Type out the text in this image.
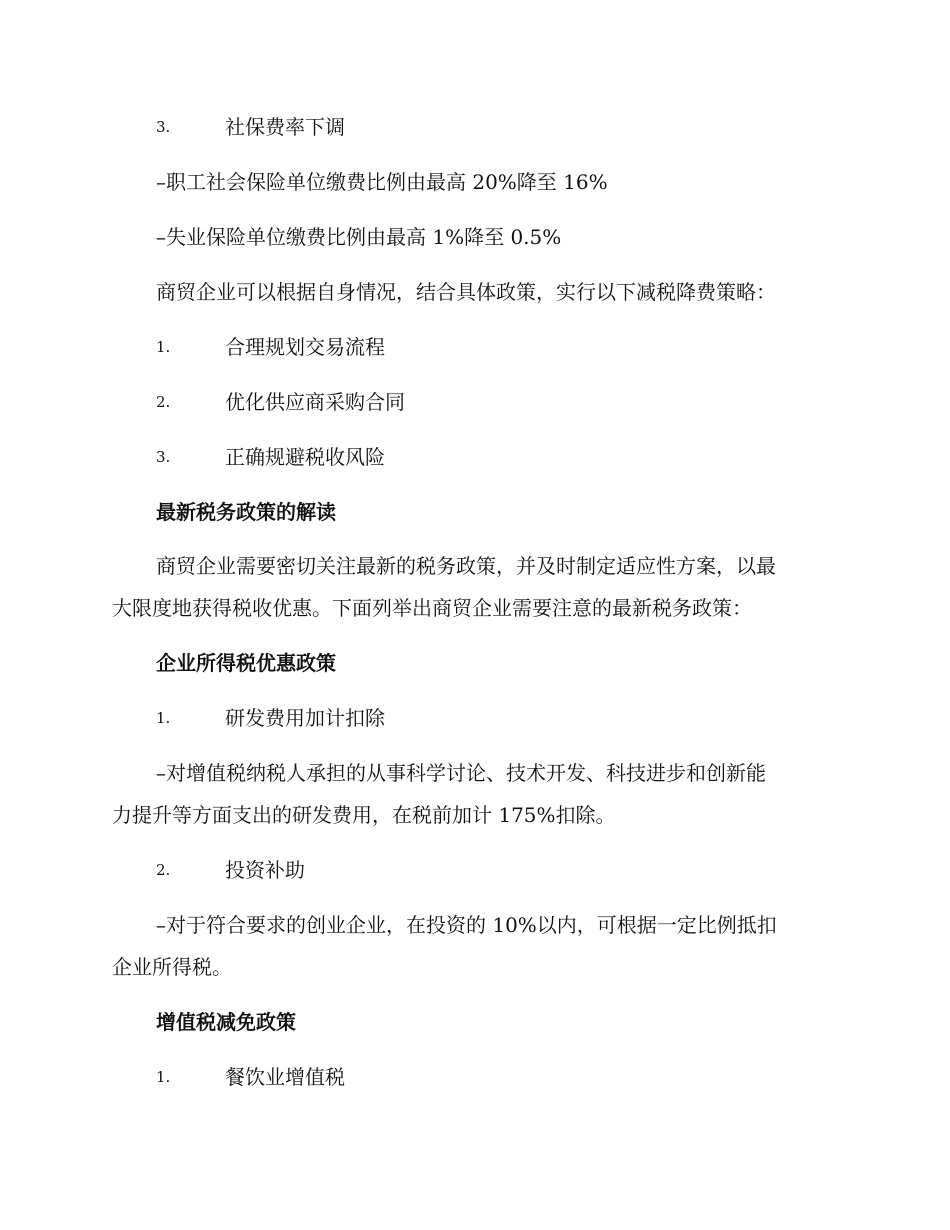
3.	社保费率下调
–职工社会保险单位缴费比例由最高 20%降至 16%
–失业保险单位缴费比例由最高 1%降至 0.5%
商贸企业可以根据自身情况，结合具体政策，实行以下减税降费策略：
1.	合理规划交易流程
2.	优化供应商采购合同
3.	正确规避税收风险
最新税务政策的解读
商贸企业需要密切关注最新的税务政策，并及时制定适应性方案，以最
大限度地获得税收优惠。下面列举出商贸企业需要注意的最新税务政策：
企业所得税优惠政策
1.	研发费用加计扣除
–对增值税纳税人承担的从事科学讨论、技术开发、科技进步和创新能
力提升等方面支出的研发费用，在税前加计 175%扣除。
2.	投资补助
–对于符合要求的创业企业，在投资的 10%以内，可根据一定比例抵扣
企业所得税。
增值税减免政策
1.	餐饮业增值税
